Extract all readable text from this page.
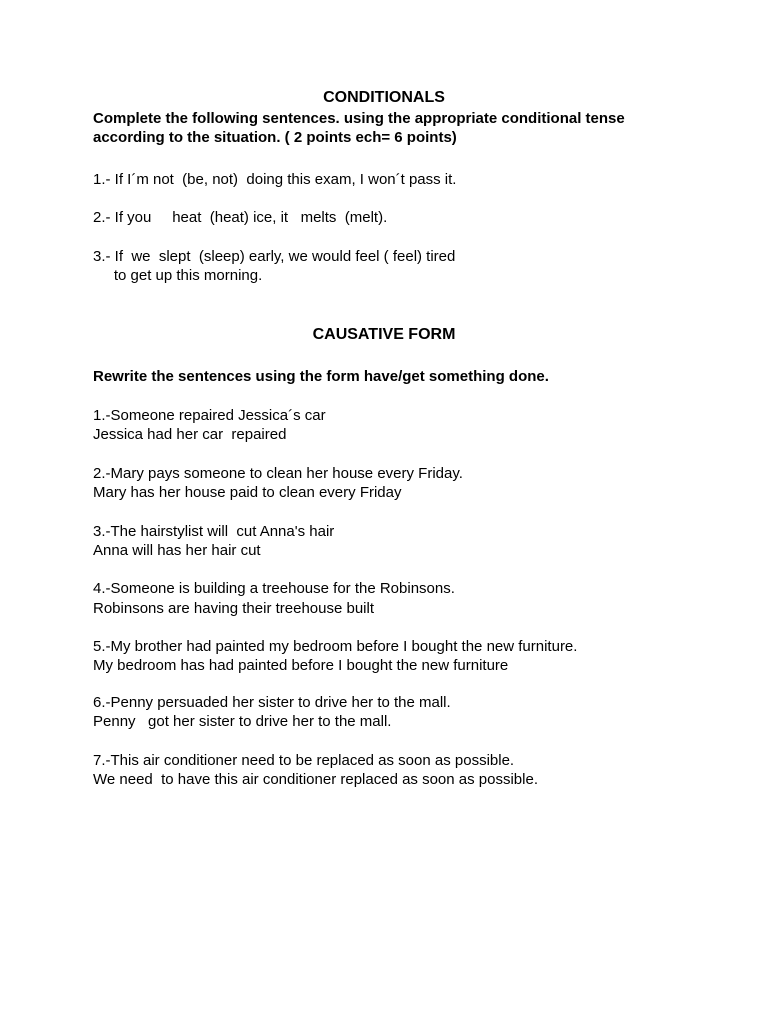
CONDITIONALS
Complete the following sentences. using the appropriate conditional tense
according to the situation. ( 2 points ech= 6 points)
1.- If I´m not  (be, not)  doing this exam, I won´t pass it.
2.- If you     heat  (heat) ice, it   melts  (melt).
3.- If  we  slept  (sleep) early, we would feel ( feel) tired
to get up this morning.
CAUSATIVE FORM
Rewrite the sentences using the form have/get something done.
1.-Someone repaired Jessica´s car
Jessica had her car  repaired
2.-Mary pays someone to clean her house every Friday.
Mary has her house paid to clean every Friday
3.-The hairstylist will  cut Anna's hair
Anna will has her hair cut
4.-Someone is building a treehouse for the Robinsons.
Robinsons are having their treehouse built
5.-My brother had painted my bedroom before I bought the new furniture.
My bedroom has had painted before I bought the new furniture
6.-Penny persuaded her sister to drive her to the mall.
Penny   got her sister to drive her to the mall.
7.-This air conditioner need to be replaced as soon as possible.
We need  to have this air conditioner replaced as soon as possible.
